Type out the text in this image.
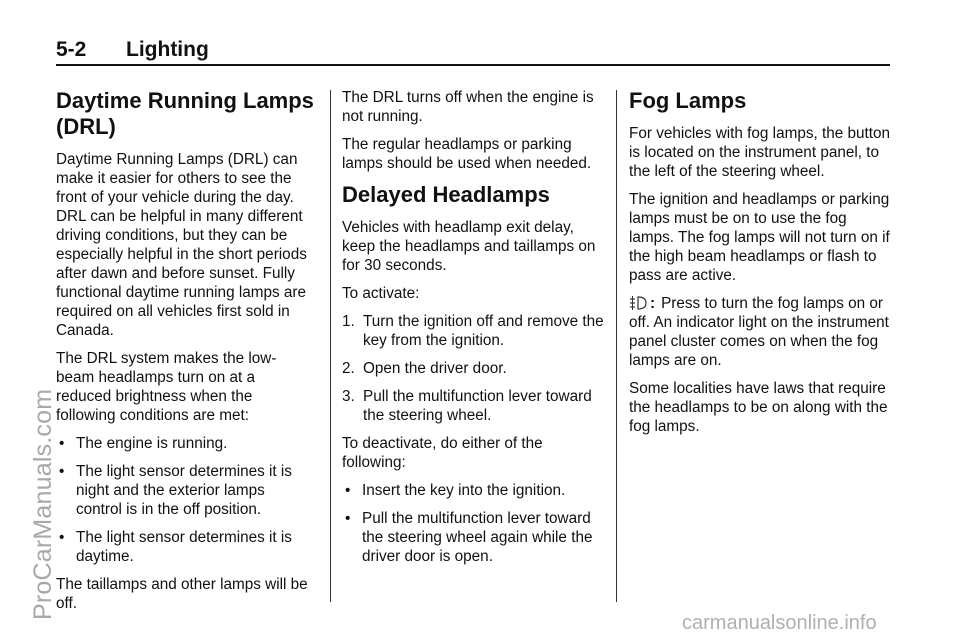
5-2 Lighting
Daytime Running Lamps (DRL)

Daytime Running Lamps (DRL) can make it easier for others to see the front of your vehicle during the day. DRL can be helpful in many different driving conditions, but they can be especially helpful in the short periods after dawn and before sunset. Fully functional daytime running lamps are required on all vehicles first sold in Canada.

The DRL system makes the low-beam headlamps turn on at a reduced brightness when the following conditions are met:

• The engine is running.
• The light sensor determines it is night and the exterior lamps control is in the off position.
• The light sensor determines it is daytime.

The taillamps and other lamps will be off.

The DRL turns off when the engine is not running.

The regular headlamps or parking lamps should be used when needed.

Delayed Headlamps

Vehicles with headlamp exit delay, keep the headlamps and taillamps on for 30 seconds.

To activate:

1. Turn the ignition off and remove the key from the ignition.
2. Open the driver door.
3. Pull the multifunction lever toward the steering wheel.

To deactivate, do either of the following:

• Insert the key into the ignition.
• Pull the multifunction lever toward the steering wheel again while the driver door is open.
Fog Lamps

For vehicles with fog lamps, the button is located on the instrument panel, to the left of the steering wheel.

The ignition and headlamps or parking lamps must be on to use the fog lamps. The fog lamps will not turn on if the high beam headlamps or flash to pass are active.

: Press to turn the fog lamps on or off. An indicator light on the instrument panel cluster comes on when the fog lamps are on.

Some localities have laws that require the headlamps to be on along with the fog lamps.

ProCarManuals.com
carmanualsonline.info
